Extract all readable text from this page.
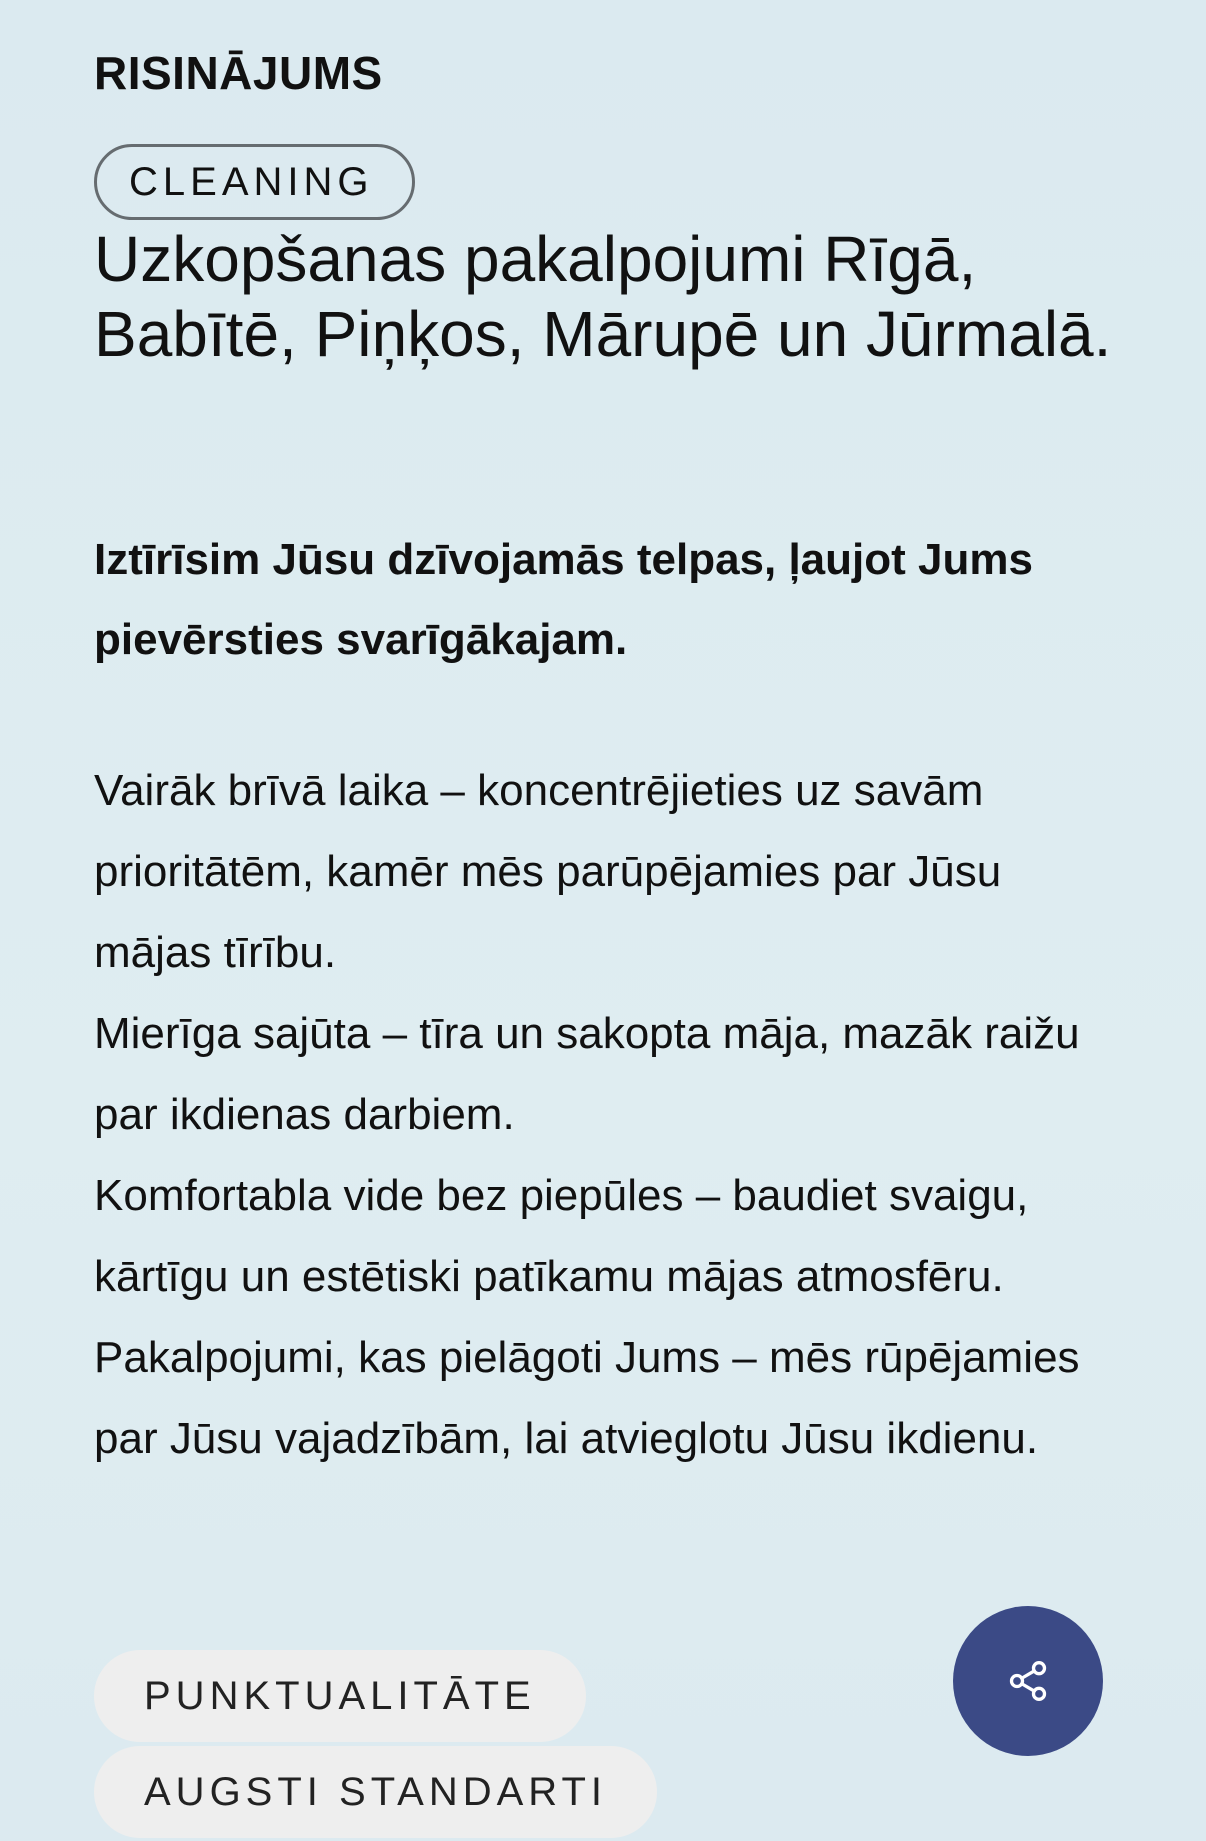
RISINĀJUMS
CLEANING
Uzkopšanas pakalpojumi Rīgā, Babītē, Piņķos, Mārupē un Jūrmalā.

Iztīrīsim Jūsu dzīvojamās telpas, ļaujot Jums pievērsties svarīgākajam.

Vairāk brīvā laika – koncentrējieties uz savām prioritātēm, kamēr mēs parūpējamies par Jūsu mājas tīrību.
Mierīga sajūta – tīra un sakopta māja, mazāk raižu par ikdienas darbiem.
Komfortabla vide bez piepūles – baudiet svaigu, kārtīgu un estētiski patīkamu mājas atmosfēru.
Pakalpojumi, kas pielāgoti Jums – mēs rūpējamies par Jūsu vajadzībām, lai atvieglotu Jūsu ikdienu.

PUNKTUALITĀTE
AUGSTI STANDARTI
